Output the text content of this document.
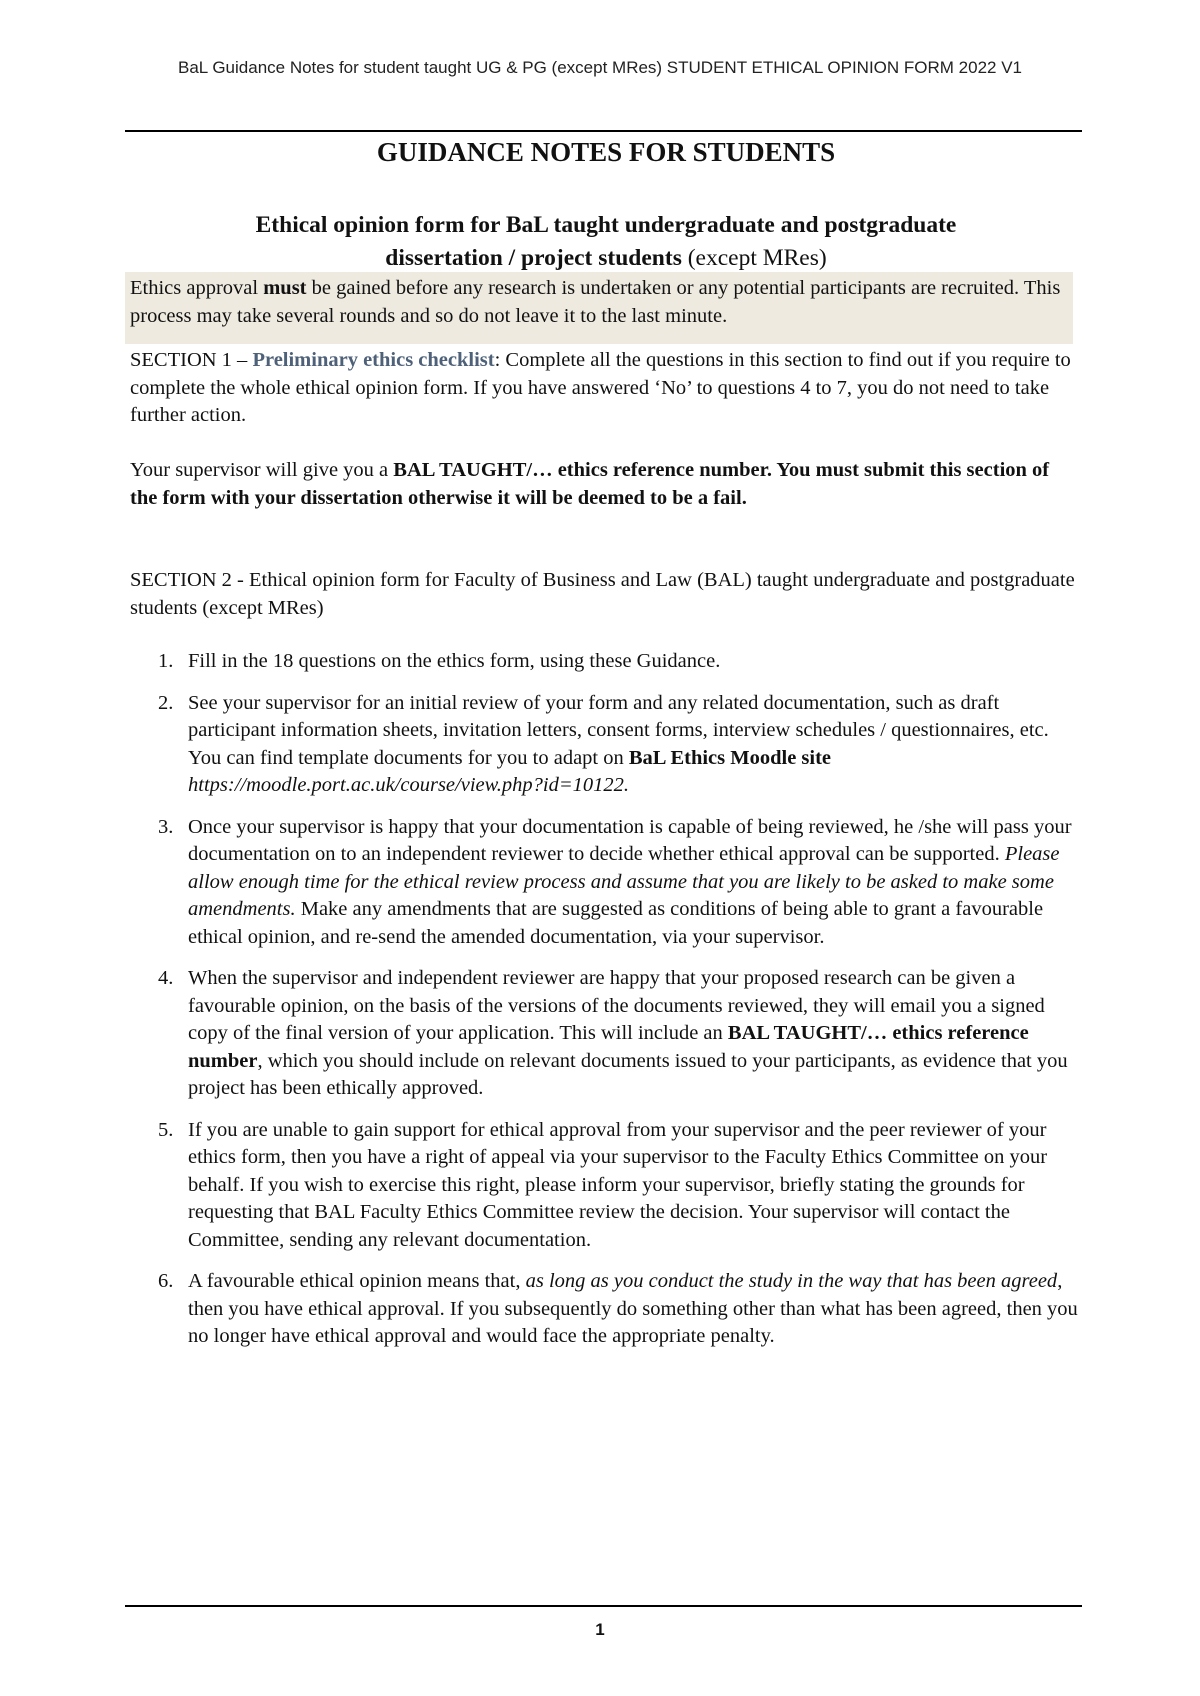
BaL Guidance Notes for student taught UG & PG (except MRes) STUDENT ETHICAL OPINION FORM 2022 V1
GUIDANCE NOTES FOR STUDENTS

Ethical opinion form for BaL taught undergraduate and postgraduate
dissertation / project students (except MRes)

Ethics approval must be gained before any research is undertaken or any potential participants are recruited. This process may take several rounds and so do not leave it to the last minute.

SECTION 1 – Preliminary ethics checklist: Complete all the questions in this section to find out if you require to complete the whole ethical opinion form. If you have answered ‘No’ to questions 4 to 7, you do not need to take further action.

Your supervisor will give you a BAL TAUGHT/… ethics reference number. You must submit this section of the form with your dissertation otherwise it will be deemed to be a fail.

SECTION 2 - Ethical opinion form for Faculty of Business and Law (BAL) taught undergraduate and postgraduate students (except MRes)

1. Fill in the 18 questions on the ethics form, using these Guidance.
2. See your supervisor for an initial review of your form and any related documentation, such as draft participant information sheets, invitation letters, consent forms, interview schedules / questionnaires, etc. You can find template documents for you to adapt on BaL Ethics Moodle site https://moodle.port.ac.uk/course/view.php?id=10122.
3. Once your supervisor is happy that your documentation is capable of being reviewed, he /she will pass your documentation on to an independent reviewer to decide whether ethical approval can be supported. Please allow enough time for the ethical review process and assume that you are likely to be asked to make some amendments. Make any amendments that are suggested as conditions of being able to grant a favourable ethical opinion, and re-send the amended documentation, via your supervisor.
4. When the supervisor and independent reviewer are happy that your proposed research can be given a favourable opinion, on the basis of the versions of the documents reviewed, they will email you a signed copy of the final version of your application. This will include an BAL TAUGHT/… ethics reference number, which you should include on relevant documents issued to your participants, as evidence that you project has been ethically approved.
5. If you are unable to gain support for ethical approval from your supervisor and the peer reviewer of your ethics form, then you have a right of appeal via your supervisor to the Faculty Ethics Committee on your behalf. If you wish to exercise this right, please inform your supervisor, briefly stating the grounds for requesting that BAL Faculty Ethics Committee review the decision. Your supervisor will contact the Committee, sending any relevant documentation.
6. A favourable ethical opinion means that, as long as you conduct the study in the way that has been agreed, then you have ethical approval. If you subsequently do something other than what has been agreed, then you no longer have ethical approval and would face the appropriate penalty.
1
